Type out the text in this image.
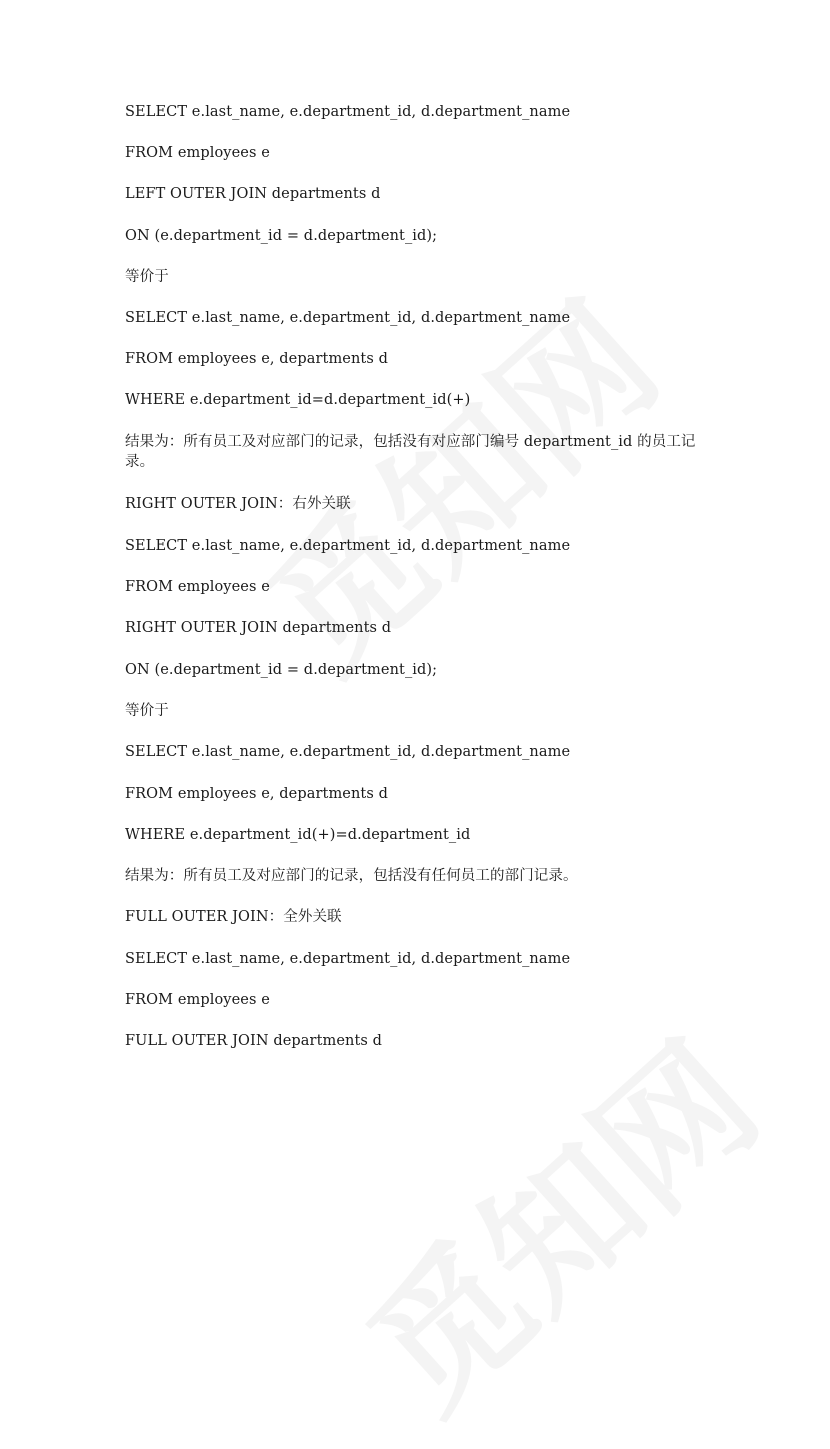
SELECT e.last_name, e.department_id, d.department_name
FROM employees e
LEFT OUTER JOIN departments d
ON (e.department_id = d.department_id);
等价于
SELECT e.last_name, e.department_id, d.department_name
FROM employees e, departments d
WHERE e.department_id=d.department_id(+)
结果为：所有员工及对应部门的记录，包括没有对应部门编号 department_id 的员工记录。
RIGHT OUTER JOIN：右外关联
SELECT e.last_name, e.department_id, d.department_name
FROM employees e
RIGHT OUTER JOIN departments d
ON (e.department_id = d.department_id);
等价于
SELECT e.last_name, e.department_id, d.department_name
FROM employees e, departments d
WHERE e.department_id(+)=d.department_id
结果为：所有员工及对应部门的记录，包括没有任何员工的部门记录。
FULL OUTER JOIN：全外关联
SELECT e.last_name, e.department_id, d.department_name
FROM employees e
FULL OUTER JOIN departments d
